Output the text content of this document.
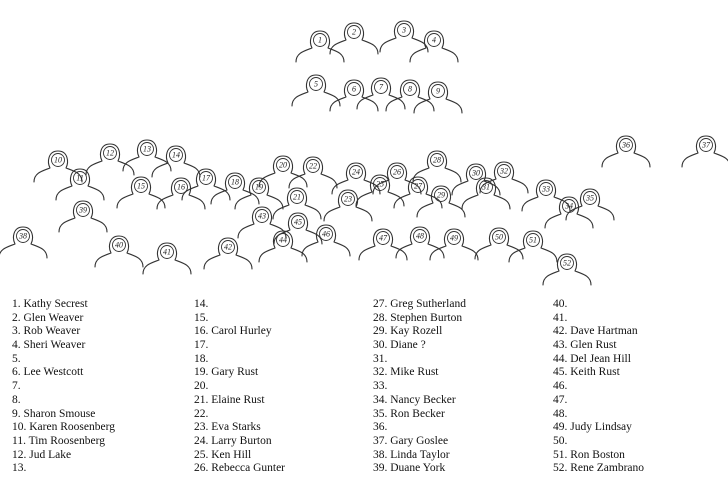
1
2	3
4
5
6	7	8	9
10
11
12	13
14
15	16
17	18
19
20
21
22
23
24
25
26
27
28
29
30
31
32
33
34
35
36	37
38
39
40
41
42
43
44
45
46	47	48	49	50	51
52
1. Kathy Secrest
2. Glen Weaver
3. Rob Weaver
4. Sheri Weaver
5.
6. Lee Westcott
7.
8.
9. Sharon Smouse
10. Karen Roosenberg
11. Tim Roosenberg
12. Jud Lake
13.
14.
15.
16. Carol Hurley
17.
18.
19. Gary Rust
20.
21. Elaine Rust
22.
23. Eva Starks
24. Larry Burton
25. Ken Hill
26. Rebecca Gunter
27. Greg Sutherland
28. Stephen Burton
29. Kay Rozell
30. Diane ?
31.
32. Mike Rust
33.
34. Nancy Becker
35. Ron Becker
36.
37. Gary Goslee
38. Linda Taylor
39. Duane York
40.
41.
42. Dave Hartman
43. Glen Rust
44. Del Jean Hill
45. Keith Rust
46.
47.
48.
49. Judy Lindsay
50.
51. Ron Boston
52. Rene Zambrano
